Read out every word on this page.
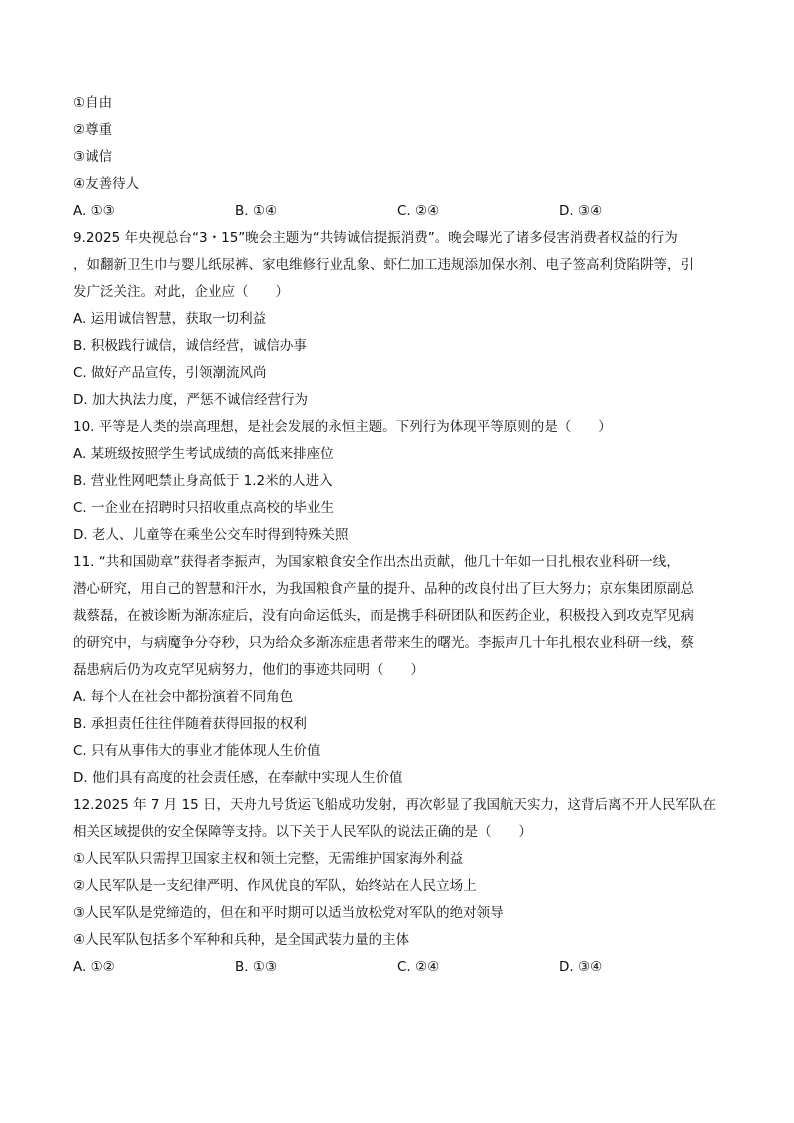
①自由
②尊重
③诚信
④友善待人
A. ①③	B. ①④	C. ②④	D. ③④
9.2025 年央视总台“3・15”晚会主题为“共铸诚信提振消费”。晚会曝光了诸多侵害消费者权益的行为
，如翻新卫生巾与婴儿纸尿裤、家电维修行业乱象、虾仁加工违规添加保水剂、电子签高利贷陷阱等，引
发广泛关注。对此，企业应（　　）
A. 运用诚信智慧，获取一切利益
B. 积极践行诚信，诚信经营，诚信办事
C. 做好产品宣传，引领潮流风尚
D. 加大执法力度，严惩不诚信经营行为
10. 平等是人类的崇高理想，是社会发展的永恒主题。下列行为体现平等原则的是（　　）
A. 某班级按照学生考试成绩的高低来排座位
B. 营业性网吧禁止身高低于 1.2米的人进入
C. 一企业在招聘时只招收重点高校的毕业生
D. 老人、儿童等在乘坐公交车时得到特殊关照
11. “共和国勋章”获得者李振声，为国家粮食安全作出杰出贡献，他几十年如一日扎根农业科研一线，
潜心研究，用自己的智慧和汗水，为我国粮食产量的提升、品种的改良付出了巨大努力；京东集团原副总
裁蔡磊，在被诊断为渐冻症后，没有向命运低头，而是携手科研团队和医药企业，积极投入到攻克罕见病
的研究中，与病魔争分夺秒，只为给众多渐冻症患者带来生的曙光。李振声几十年扎根农业科研一线，蔡
磊患病后仍为攻克罕见病努力，他们的事迹共同明（　　）
A. 每个人在社会中都扮演着不同角色
B. 承担责任往往伴随着获得回报的权利
C. 只有从事伟大的事业才能体现人生价值
D. 他们具有高度的社会责任感，在奉献中实现人生价值
12.2025 年 7 月 15 日，天舟九号货运飞船成功发射，再次彰显了我国航天实力，这背后离不开人民军队在
相关区域提供的安全保障等支持。以下关于人民军队的说法正确的是（　　）
①人民军队只需捍卫国家主权和领土完整，无需维护国家海外利益
②人民军队是一支纪律严明、作风优良的军队，始终站在人民立场上
③人民军队是党缔造的，但在和平时期可以适当放松党对军队的绝对领导
④人民军队包括多个军种和兵种，是全国武装力量的主体
A. ①②	B. ①③	C. ②④	D. ③④
